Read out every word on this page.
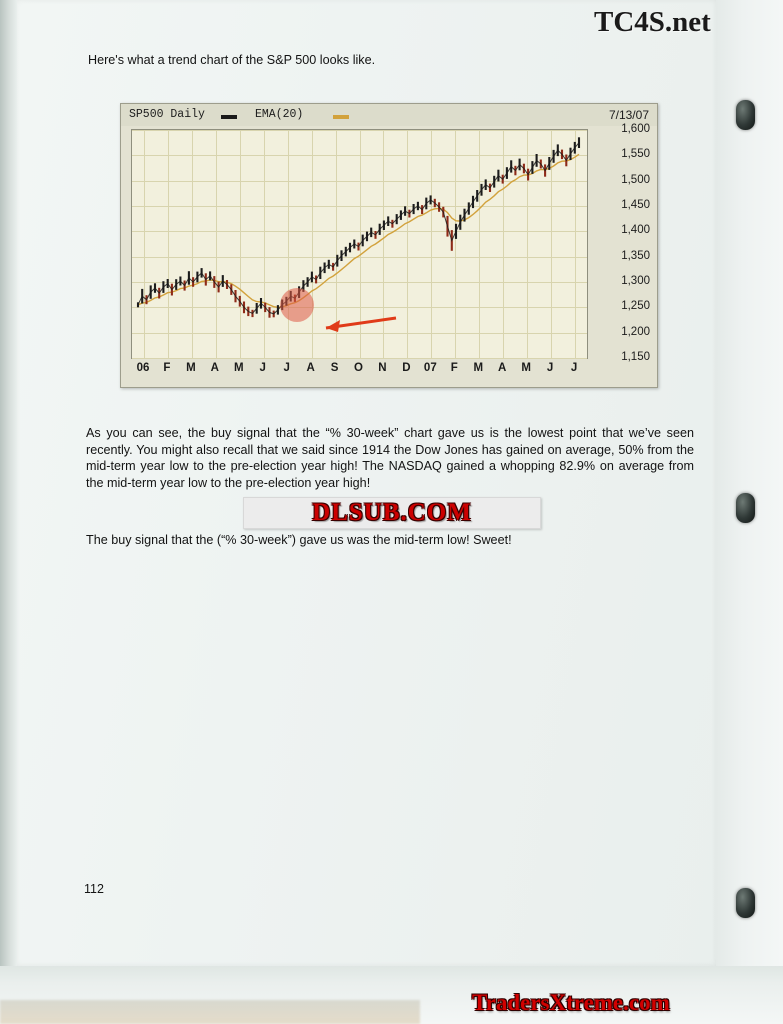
TC4S.net
Here's what a trend chart of the S&P 500 looks like.
SP500 Daily	EMA(20)	7/13/07
1,600
1,550
1,500
1,450
1,400
1,350
1,300
1,250
1,200
1,150
06 F M A M J J A S O N D 07 F M A M J J
As you can see, the buy signal that the “% 30-week” chart gave us is the lowest point that we’ve seen recently. You might also recall that we said since 1914 the Dow Jones has gained on average, 50% from the mid-term year low to the pre-election year high! The NASDAQ gained a whopping 82.9% on average from the mid-term year low to the pre-election year high!
DLSUB.COM
The buy signal that the (“% 30-week”) gave us was the mid-term low! Sweet!
112
TradersXtreme.com
